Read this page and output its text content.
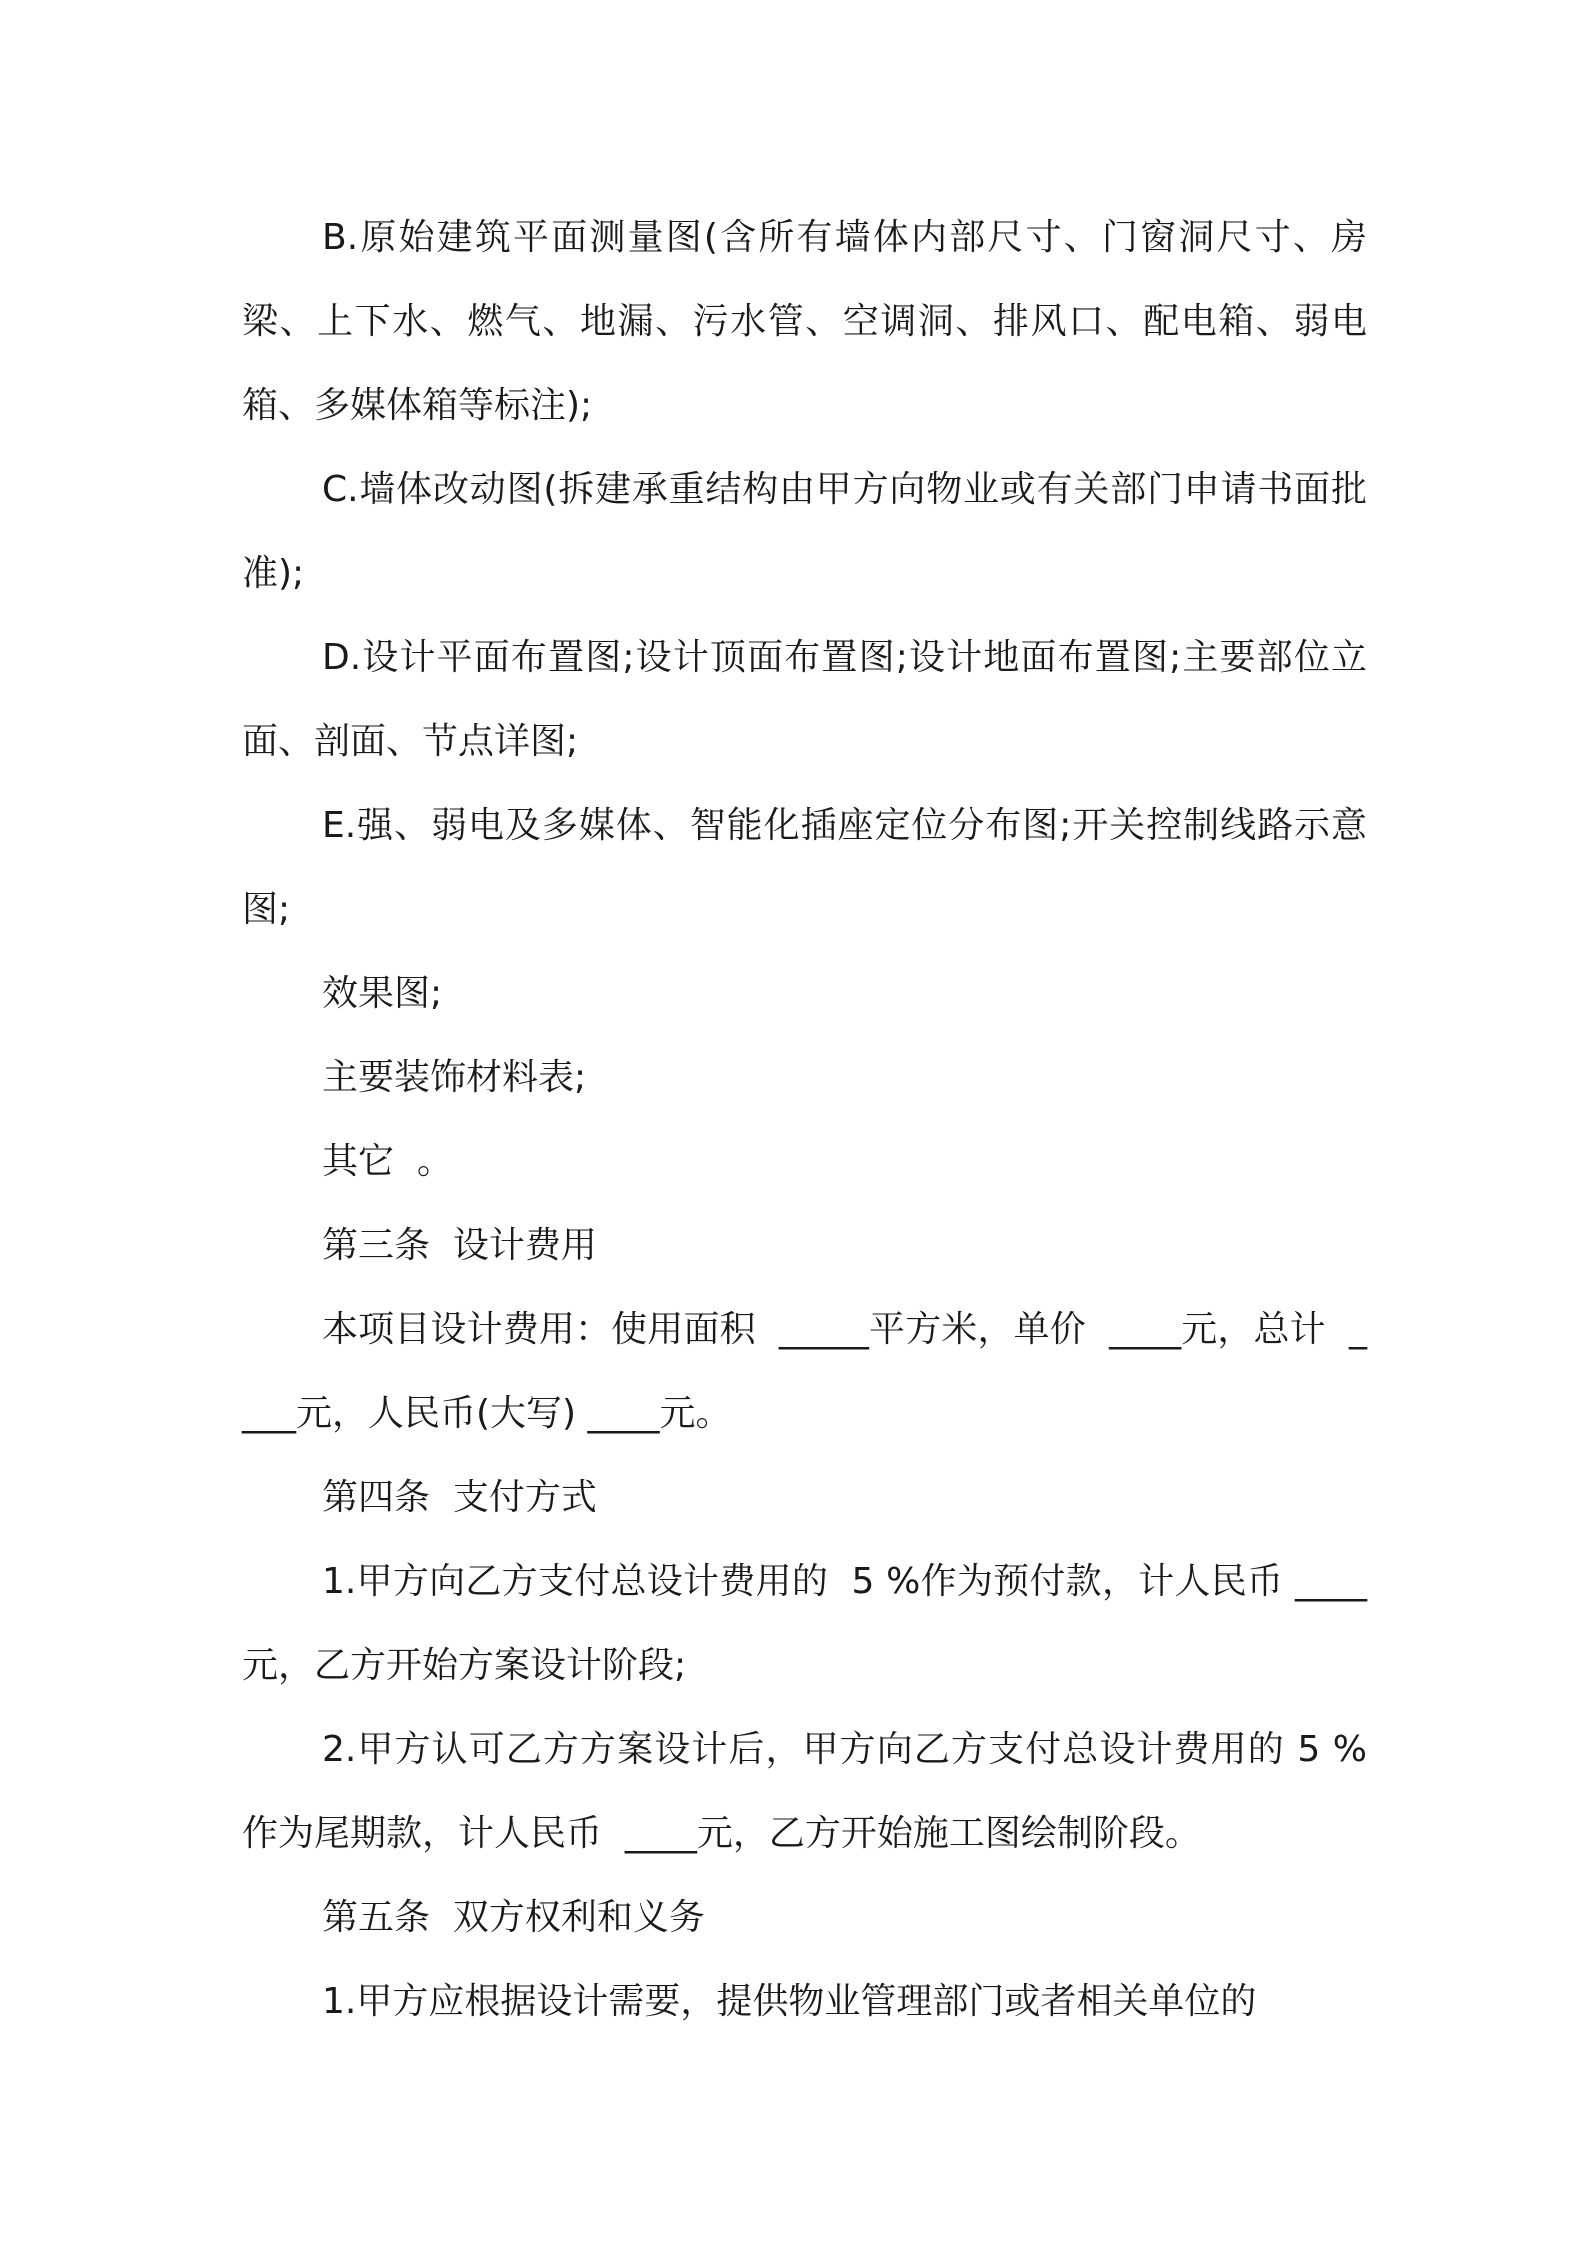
B.原始建筑平面测量图(含所有墙体内部尺寸、门窗洞尺寸、房梁、上下水、燃气、地漏、污水管、空调洞、排风口、配电箱、弱电箱、多媒体箱等标注);

C.墙体改动图(拆建承重结构由甲方向物业或有关部门申请书面批准);

D.设计平面布置图;设计顶面布置图;设计地面布置图;主要部位立面、剖面、节点详图;

E.强、弱电及多媒体、智能化插座定位分布图;开关控制线路示意图;

效果图;

主要装饰材料表;

其它  。

第三条  设计费用

本项目设计费用：使用面积  _____平方米，单价  ____元，总计  ____元，人民币(大写) ____元。

第四条  支付方式

1.甲方向乙方支付总设计费用的  5 %作为预付款，计人民币 ____元，乙方开始方案设计阶段;

2.甲方认可乙方方案设计后，甲方向乙方支付总设计费用的 5 %作为尾期款，计人民币  ____元，乙方开始施工图绘制阶段。

第五条  双方权利和义务

1.甲方应根据设计需要，提供物业管理部门或者相关单位的
